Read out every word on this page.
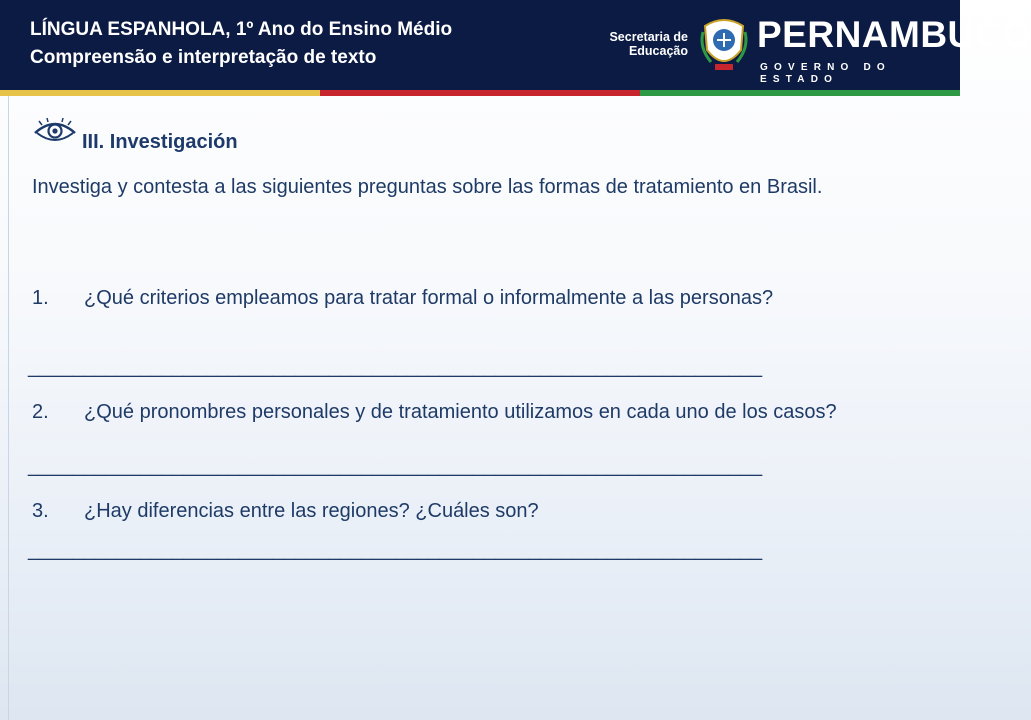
LÍNGUA ESPANHOLA, 1º Ano do Ensino Médio
Compreensão e interpretação de texto
Secretaria de
Educação PERNAMBUCO
GOVERNO DO ESTADO
III. Investigación
Investiga y contesta a las siguientes preguntas sobre las formas de tratamiento en Brasil.
1.	¿Qué criterios empleamos para tratar formal o informalmente a las personas?
__________________________________________________________________
2.	¿Qué pronombres personales y de tratamiento utilizamos en cada uno de los casos?
__________________________________________________________________
3.	¿Hay diferencias entre las regiones? ¿Cuáles son?
__________________________________________________________________
